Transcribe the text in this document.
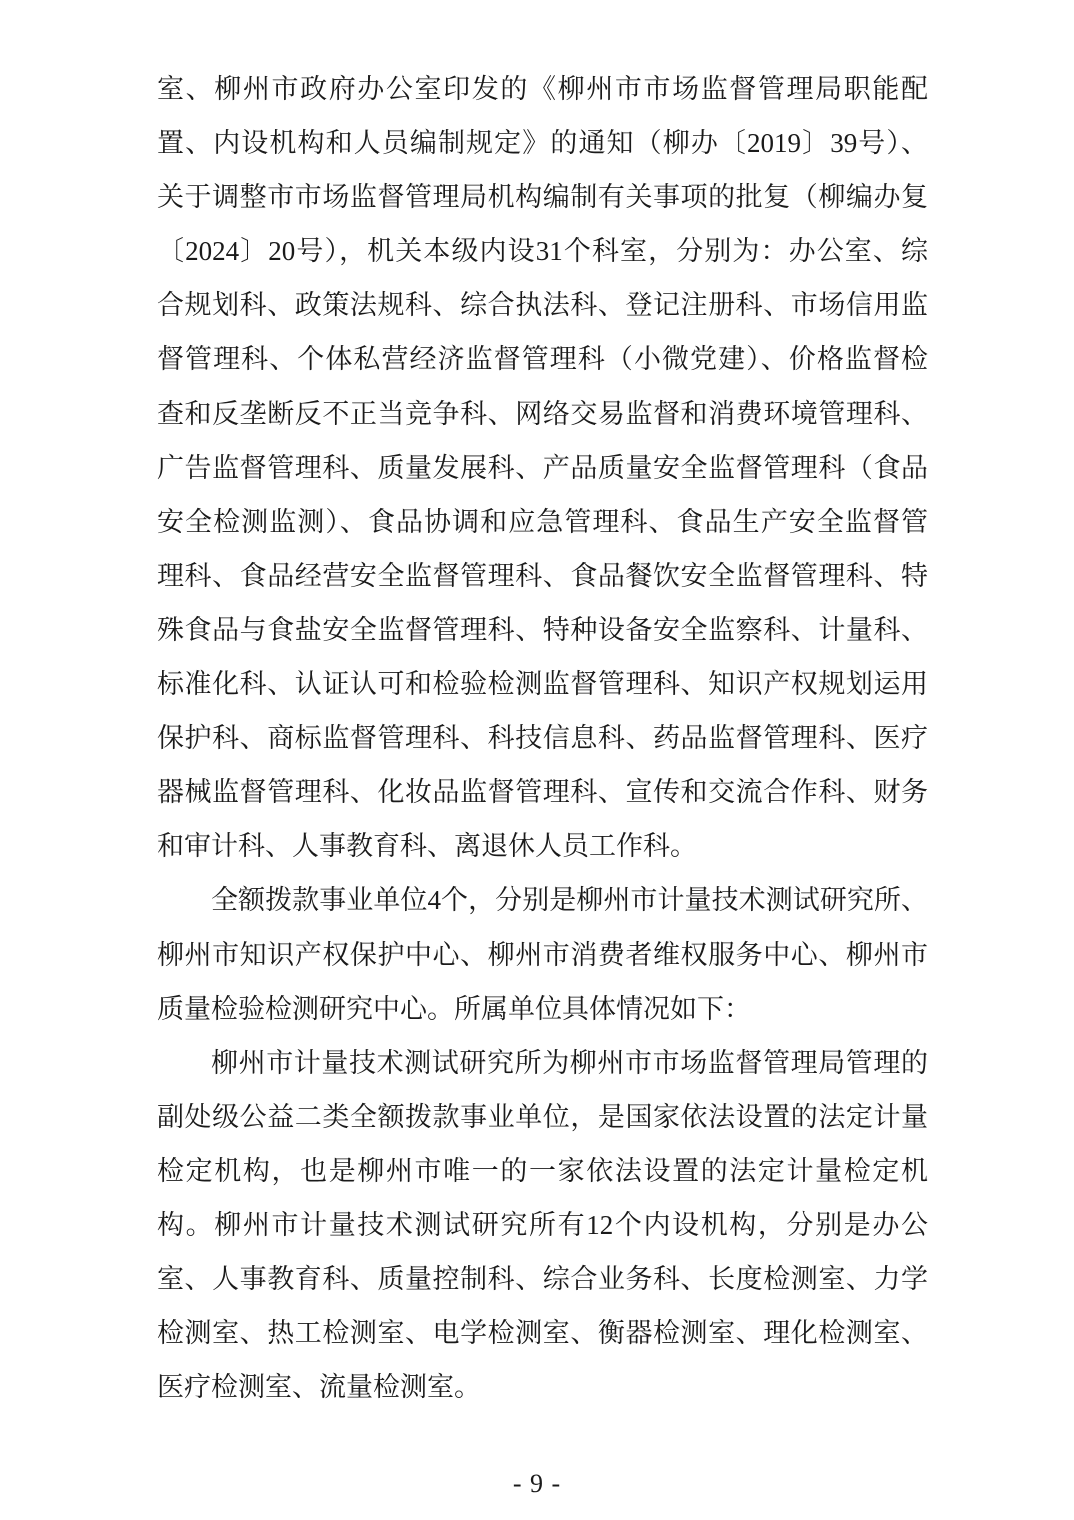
室、柳州市政府办公室印发的《柳州市市场监督管理局职能配
置、内设机构和人员编制规定》的通知（柳办〔2019〕39号）、
关于调整市市场监督管理局机构编制有关事项的批复（柳编办复
〔2024〕20号），机关本级内设31个科室，分别为：办公室、综
合规划科、政策法规科、综合执法科、登记注册科、市场信用监
督管理科、个体私营经济监督管理科（小微党建）、价格监督检
查和反垄断反不正当竞争科、网络交易监督和消费环境管理科、
广告监督管理科、质量发展科、产品质量安全监督管理科（食品
安全检测监测）、食品协调和应急管理科、食品生产安全监督管
理科、食品经营安全监督管理科、食品餐饮安全监督管理科、特
殊食品与食盐安全监督管理科、特种设备安全监察科、计量科、
标准化科、认证认可和检验检测监督管理科、知识产权规划运用
保护科、商标监督管理科、科技信息科、药品监督管理科、医疗
器械监督管理科、化妆品监督管理科、宣传和交流合作科、财务
和审计科、人事教育科、离退休人员工作科。
全额拨款事业单位4个，分别是柳州市计量技术测试研究所、
柳州市知识产权保护中心、柳州市消费者维权服务中心、柳州市
质量检验检测研究中心。所属单位具体情况如下：
柳州市计量技术测试研究所为柳州市市场监督管理局管理的
副处级公益二类全额拨款事业单位，是国家依法设置的法定计量
检定机构，也是柳州市唯一的一家依法设置的法定计量检定机
构。柳州市计量技术测试研究所有12个内设机构，分别是办公
室、人事教育科、质量控制科、综合业务科、长度检测室、力学
检测室、热工检测室、电学检测室、衡器检测室、理化检测室、
医疗检测室、流量检测室。
- 9 -
